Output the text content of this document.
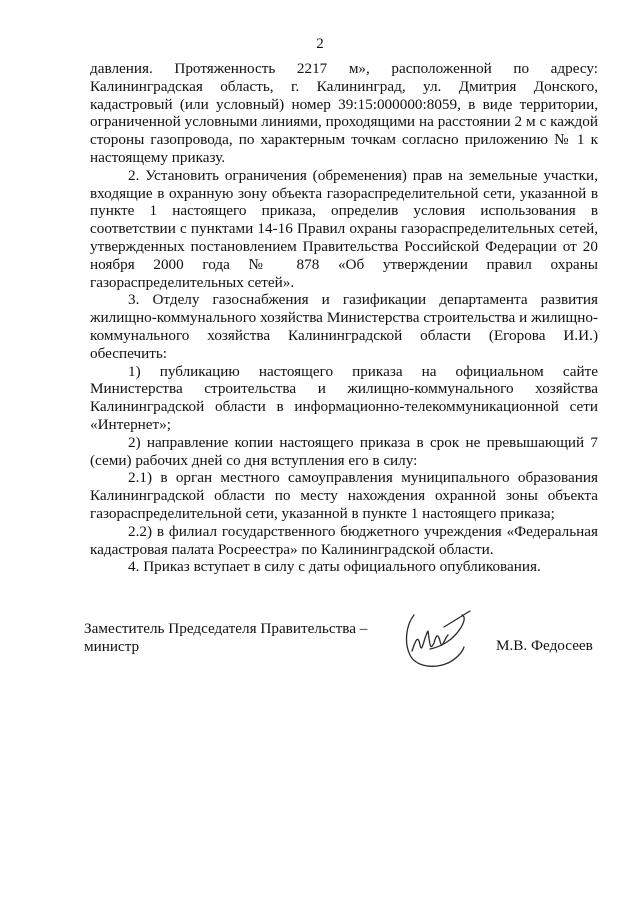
2

давления. Протяженность 2217 м», расположенной по адресу: Калининградская область, г. Калининград, ул. Дмитрия Донского, кадастровый (или условный) номер 39:15:000000:8059, в виде территории, ограниченной условными линиями, проходящими на расстоянии 2 м с каждой стороны газопровода, по характерным точкам согласно приложению № 1 к настоящему приказу.

2. Установить ограничения (обременения) прав на земельные участки, входящие в охранную зону объекта газораспределительной сети, указанной в пункте 1 настоящего приказа, определив условия использования в соответствии с пунктами 14-16 Правил охраны газораспределительных сетей, утвержденных постановлением Правительства Российской Федерации от 20 ноября 2000 года № 878 «Об утверждении правил охраны газораспределительных сетей».

3. Отделу газоснабжения и газификации департамента развития жилищно-коммунального хозяйства Министерства строительства и жилищно-коммунального хозяйства Калининградской области (Егорова И.И.) обеспечить:

1) публикацию настоящего приказа на официальном сайте Министерства строительства и жилищно-коммунального хозяйства Калининградской области в информационно-телекоммуникационной сети «Интернет»;

2) направление копии настоящего приказа в срок не превышающий 7 (семи) рабочих дней со дня вступления его в силу:

2.1) в орган местного самоуправления муниципального образования Калининградской области по месту нахождения охранной зоны объекта газораспределительной сети, указанной в пункте 1 настоящего приказа;

2.2) в филиал государственного бюджетного учреждения «Федеральная кадастровая палата Росреестра» по Калининградской области.

4. Приказ вступает в силу с даты официального опубликования.

Заместитель Председателя Правительства – министр	М.В. Федосеев
